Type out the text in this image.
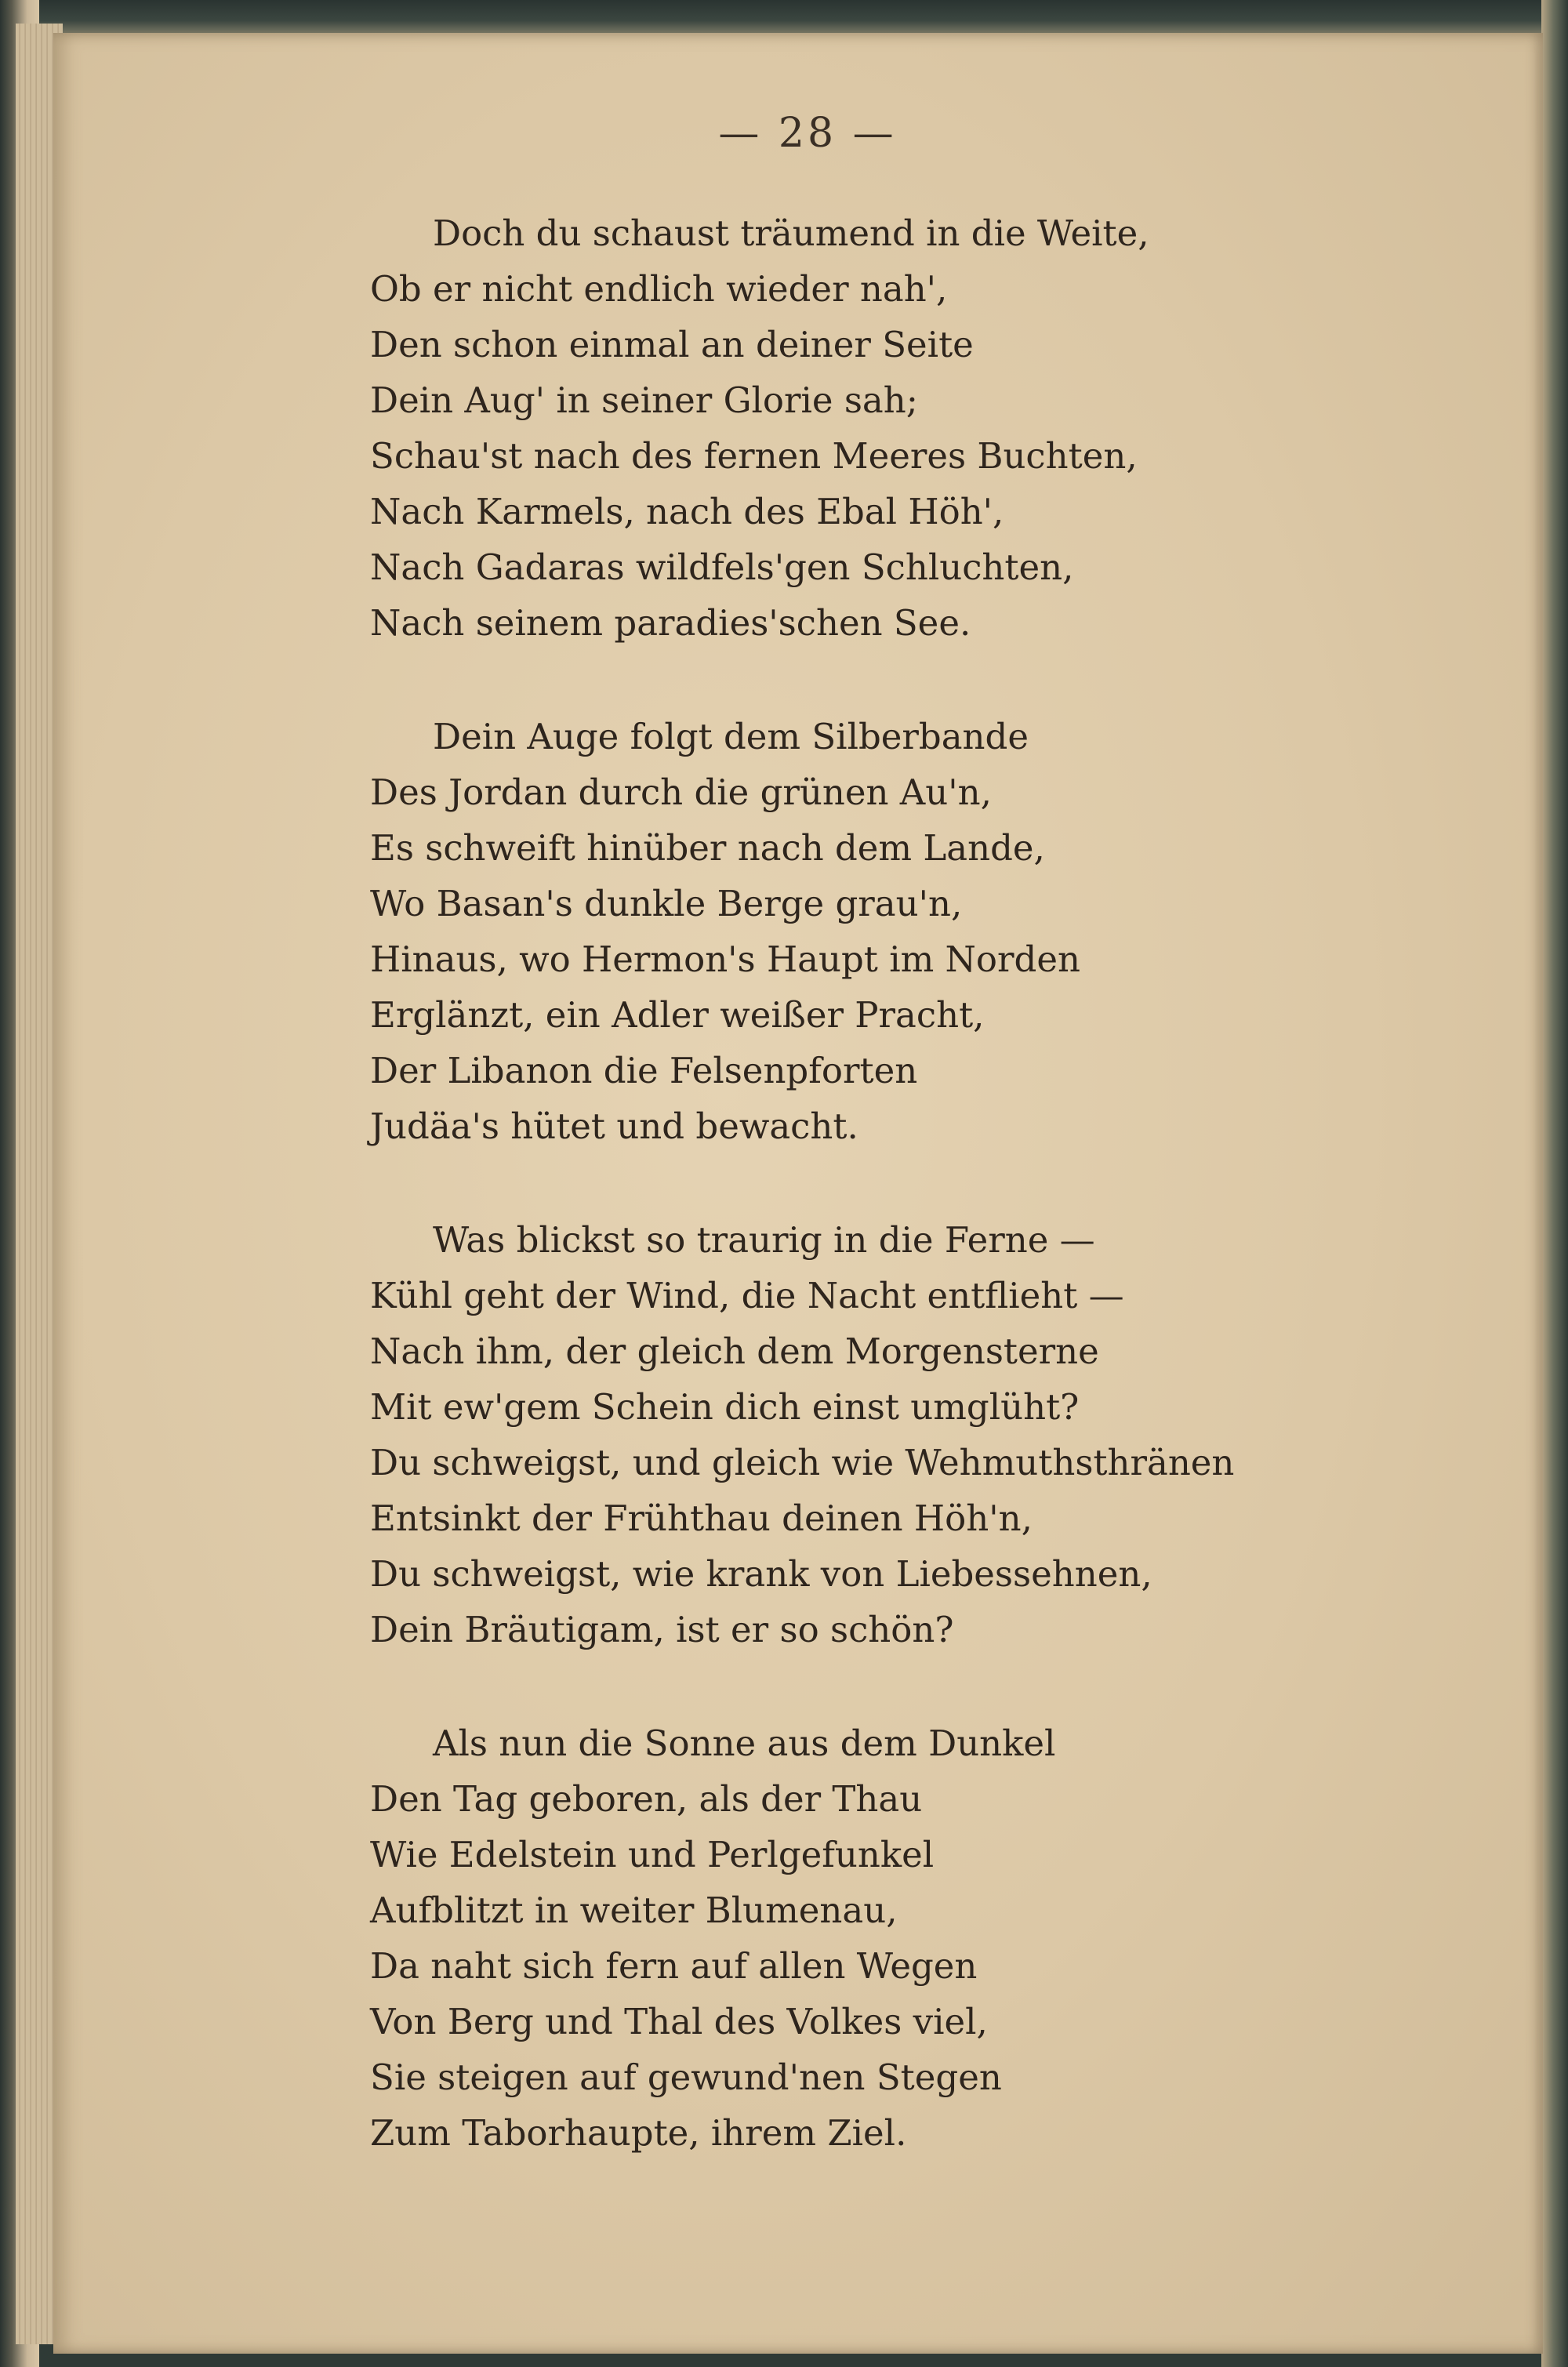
— 28 —
Doch du schaust träumend in die Weite,
Ob er nicht endlich wieder nah',
Den schon einmal an deiner Seite
Dein Aug' in seiner Glorie sah;
Schau'st nach des fernen Meeres Buchten,
Nach Karmels, nach des Ebal Höh',
Nach Gadaras wildfels'gen Schluchten,
Nach seinem paradies'schen See.
Dein Auge folgt dem Silberbande
Des Jordan durch die grünen Au'n,
Es schweift hinüber nach dem Lande,
Wo Basan's dunkle Berge grau'n,
Hinaus, wo Hermon's Haupt im Norden
Erglänzt, ein Adler weißer Pracht,
Der Libanon die Felsenpforten
Judäa's hütet und bewacht.
Was blickst so traurig in die Ferne —
Kühl geht der Wind, die Nacht entflieht —
Nach ihm, der gleich dem Morgensterne
Mit ew'gem Schein dich einst umglüht?
Du schweigst, und gleich wie Wehmuthsthränen
Entsinkt der Frühthau deinen Höh'n,
Du schweigst, wie krank von Liebessehnen,
Dein Bräutigam, ist er so schön?
Als nun die Sonne aus dem Dunkel
Den Tag geboren, als der Thau
Wie Edelstein und Perlgefunkel
Aufblitzt in weiter Blumenau,
Da naht sich fern auf allen Wegen
Von Berg und Thal des Volkes viel,
Sie steigen auf gewund'nen Stegen
Zum Taborhaupte, ihrem Ziel.
